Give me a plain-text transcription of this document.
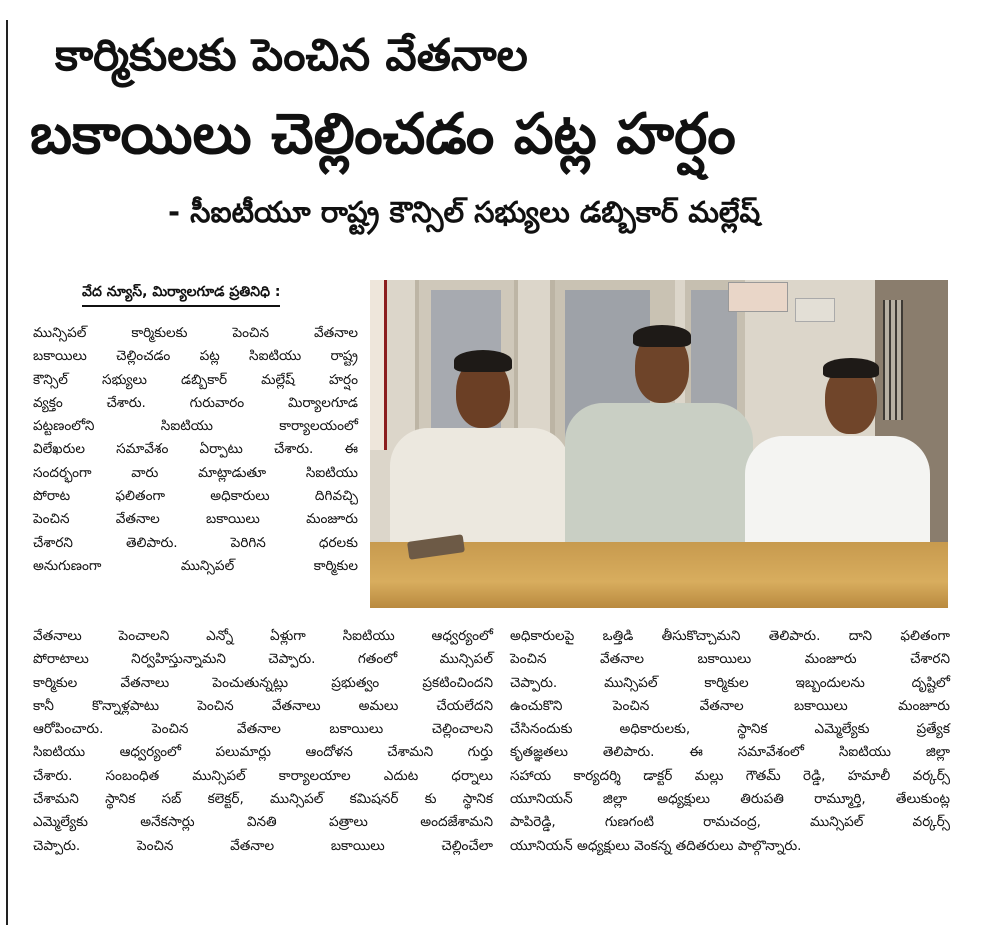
కార్మికులకు పెంచిన వేతనాల
బకాయిలు చెల్లించడం పట్ల హర్షం
- సీఐటీయూ రాష్ట్ర కౌన్సిల్ సభ్యులు డబ్బికార్ మల్లేష్
వేద న్యూస్, మిర్యాలగూడ ప్రతినిధి :
మున్సిపల్ కార్మికులకు పెంచిన వేతనాల
బకాయిలు చెల్లించడం పట్ల సిఐటియు రాష్ట్ర
కౌన్సిల్ సభ్యులు డబ్బికార్ మల్లేష్ హర్షం
వ్యక్తం చేశారు. గురువారం మిర్యాలగూడ
పట్టణంలోని సిఐటియు కార్యాలయంలో
విలేఖరుల సమావేశం ఏర్పాటు చేశారు. ఈ
సందర్భంగా వారు మాట్లాడుతూ సిఐటియు
పోరాట ఫలితంగా అధికారులు దిగివచ్చి
పెంచిన వేతనాల బకాయిలు మంజూరు
చేశారని తెలిపారు. పెరిగిన ధరలకు
అనుగుణంగా మున్సిపల్ కార్మికుల
వేతనాలు పెంచాలని ఎన్నో ఏళ్లుగా సిఐటియు ఆధ్వర్యంలో
పోరాటాలు నిర్వహిస్తున్నామని చెప్పారు. గతంలో మున్సిపల్
కార్మికుల వేతనాలు పెంచుతున్నట్లు ప్రభుత్వం ప్రకటించిందని
కానీ కొన్నాళ్లపాటు పెంచిన వేతనాలు అమలు చేయలేదని
ఆరోపించారు. పెంచిన వేతనాల బకాయిలు చెల్లించాలని
సిఐటియు ఆధ్వర్యంలో పలుమార్లు ఆందోళన చేశామని గుర్తు
చేశారు. సంబంధిత మున్సిపల్ కార్యాలయాల ఎదుట ధర్నాలు
చేశామని స్థానిక సబ్ కలెక్టర్, మున్సిపల్ కమిషనర్ కు స్థానిక
ఎమ్మెల్యేకు అనేకసార్లు వినతి పత్రాలు అందజేశామని
చెప్పారు. పెంచిన వేతనాల బకాయిలు చెల్లించేలా
అధికారులపై ఒత్తిడి తీసుకొచ్చామని తెలిపారు. దాని ఫలితంగా
పెంచిన వేతనాల బకాయిలు మంజూరు చేశారని
చెప్పారు. మున్సిపల్ కార్మికుల ఇబ్బందులను దృష్టిలో
ఉంచుకొని పెంచిన వేతనాల బకాయిలు మంజూరు
చేసినందుకు అధికారులకు, స్థానిక ఎమ్మెల్యేకు ప్రత్యేక
కృతజ్ఞతలు తెలిపారు. ఈ సమావేశంలో సిఐటియు జిల్లా
సహాయ కార్యదర్శి డాక్టర్ మల్లు గౌతమ్ రెడ్డి, హమాలీ వర్కర్స్
యూనియన్ జిల్లా అధ్యక్షులు తిరుపతి రామ్మూర్తి, తేలుకుంట్ల
పాపిరెడ్డి, గుణగంటి రామచంద్ర, మున్సిపల్ వర్కర్స్
యూనియన్ అధ్యక్షులు వెంకన్న తదితరులు పాల్గొన్నారు.
